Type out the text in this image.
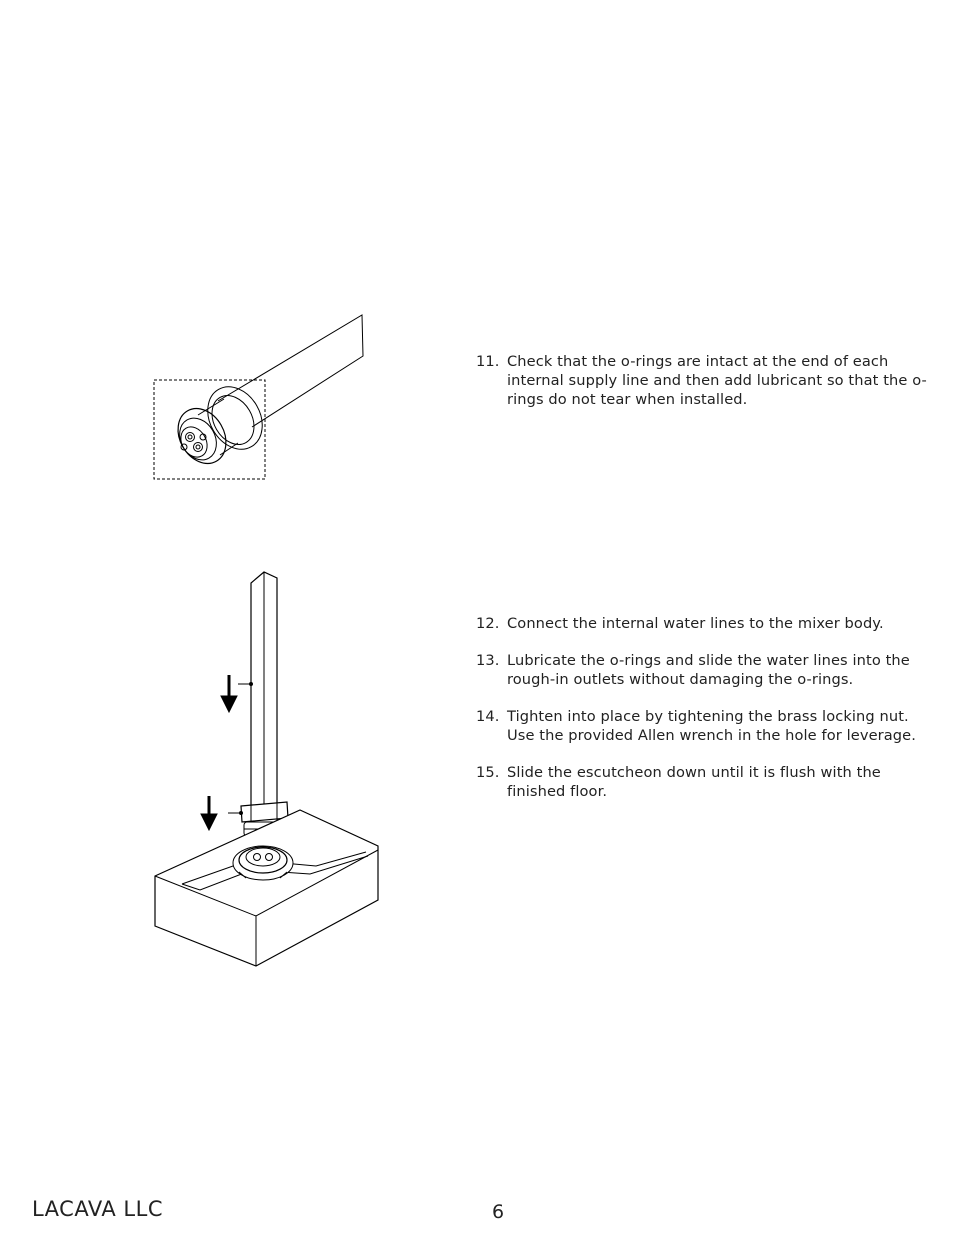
11. Check that the o-rings are intact at the end of each internal supply line and then add lubricant so that the o-rings do not tear when installed.
12. Connect the internal water lines to the mixer body.
13. Lubricate the o-rings and slide the water lines into the rough-in outlets without damaging the o-rings.
14. Tighten into place by tightening the brass locking nut. Use the provided Allen wrench in the hole for leverage.
15. Slide the escutcheon down until it is flush with the finished floor.
LACAVA LLC	6
